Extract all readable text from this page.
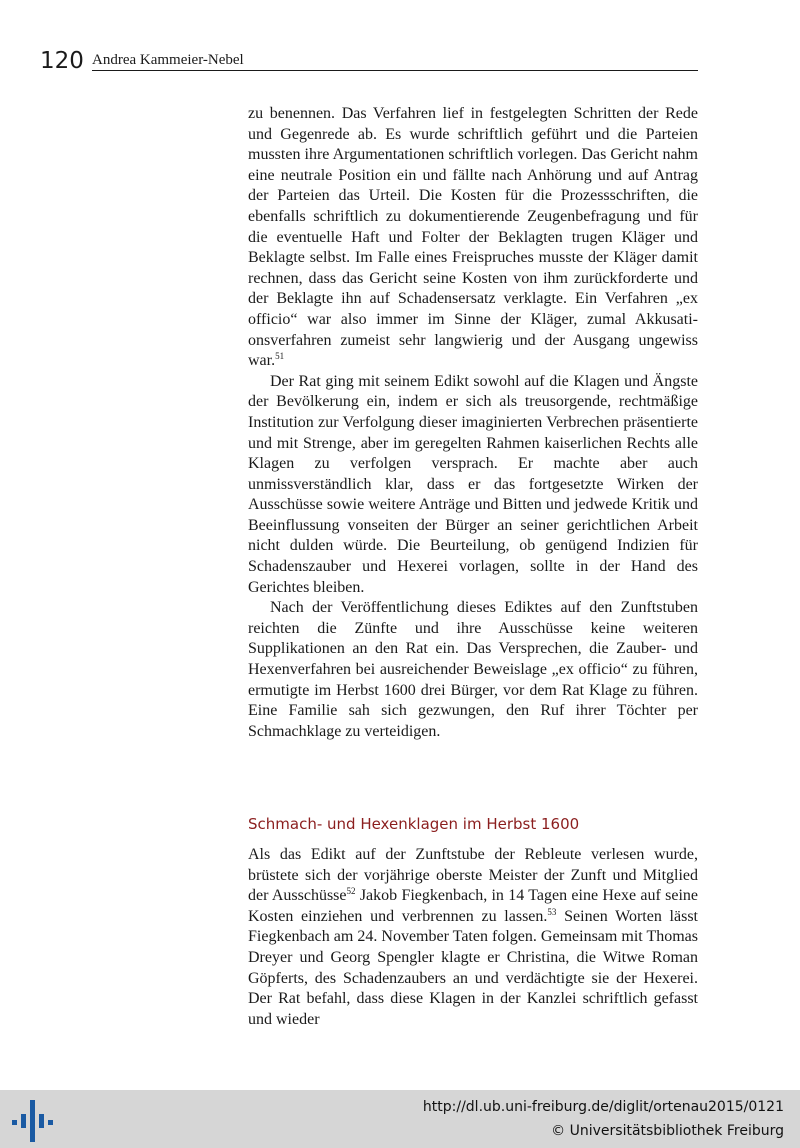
120 Andrea Kammeier-Nebel

zu benennen. Das Verfahren lief in festgelegten Schritten der Rede und Gegenrede ab. Es wurde schriftlich geführt und die Parteien mussten ihre Argumentationen schriftlich vorlegen. Das Gericht nahm eine neutrale Position ein und fällte nach Anhörung und auf Antrag der Parteien das Urteil. Die Kosten für die Prozessschriften, die ebenfalls schriftlich zu dokumentierende Zeugenbefragung und für die eventuelle Haft und Folter der Beklagten trugen Kläger und Beklagte selbst. Im Falle eines Freispruches musste der Kläger damit rechnen, dass das Gericht seine Kosten von ihm zurückforderte und der Beklagte ihn auf Schadensersatz verklagte. Ein Verfahren „ex officio“ war also immer im Sinne der Kläger, zumal Akkusationsverfahren zumeist sehr langwierig und der Ausgang ungewiss war.$^{51}$

Der Rat ging mit seinem Edikt sowohl auf die Klagen und Ängste der Bevölkerung ein, indem er sich als treusorgende, rechtmäßige Institution zur Verfolgung dieser imaginierten Verbrechen präsentierte und mit Strenge, aber im geregelten Rahmen kaiserlichen Rechts alle Klagen zu verfolgen versprach. Er machte aber auch unmissverständlich klar, dass er das fortgesetzte Wirken der Ausschüsse sowie weitere Anträge und Bitten und jedwede Kritik und Beeinflussung vonseiten der Bürger an seiner gerichtlichen Arbeit nicht dulden würde. Die Beurteilung, ob genügend Indizien für Schadenszauber und Hexerei vorlagen, sollte in der Hand des Gerichtes bleiben.

Nach der Veröffentlichung dieses Ediktes auf den Zunftstuben reichten die Zünfte und ihre Ausschüsse keine weiteren Supplikationen an den Rat ein. Das Versprechen, die Zauber- und Hexenverfahren bei ausreichender Beweislage „ex officio“ zu führen, ermutigte im Herbst 1600 drei Bürger, vor dem Rat Klage zu führen. Eine Familie sah sich gezwungen, den Ruf ihrer Töchter per Schmachklage zu verteidigen.

Schmach- und Hexenklagen im Herbst 1600

Als das Edikt auf der Zunftstube der Rebleute verlesen wurde, brüstete sich der vorjährige oberste Meister der Zunft und Mitglied der Ausschüsse$^{52}$ Jakob Fiegkenbach, in 14 Tagen eine Hexe auf seine Kosten einziehen und verbrennen zu lassen.$^{53}$ Seinen Worten lässt Fiegkenbach am 24. November Taten folgen. Gemeinsam mit Thomas Dreyer und Georg Spengler klagte er Christina, die Witwe Roman Göpferts, des Schadenzaubers an und verdächtigte sie der Hexerei. Der Rat befahl, dass diese Klagen in der Kanzlei schriftlich gefasst und wieder

http://dl.ub.uni-freiburg.de/diglit/ortenau2015/0121
© Universitätsbibliothek Freiburg
